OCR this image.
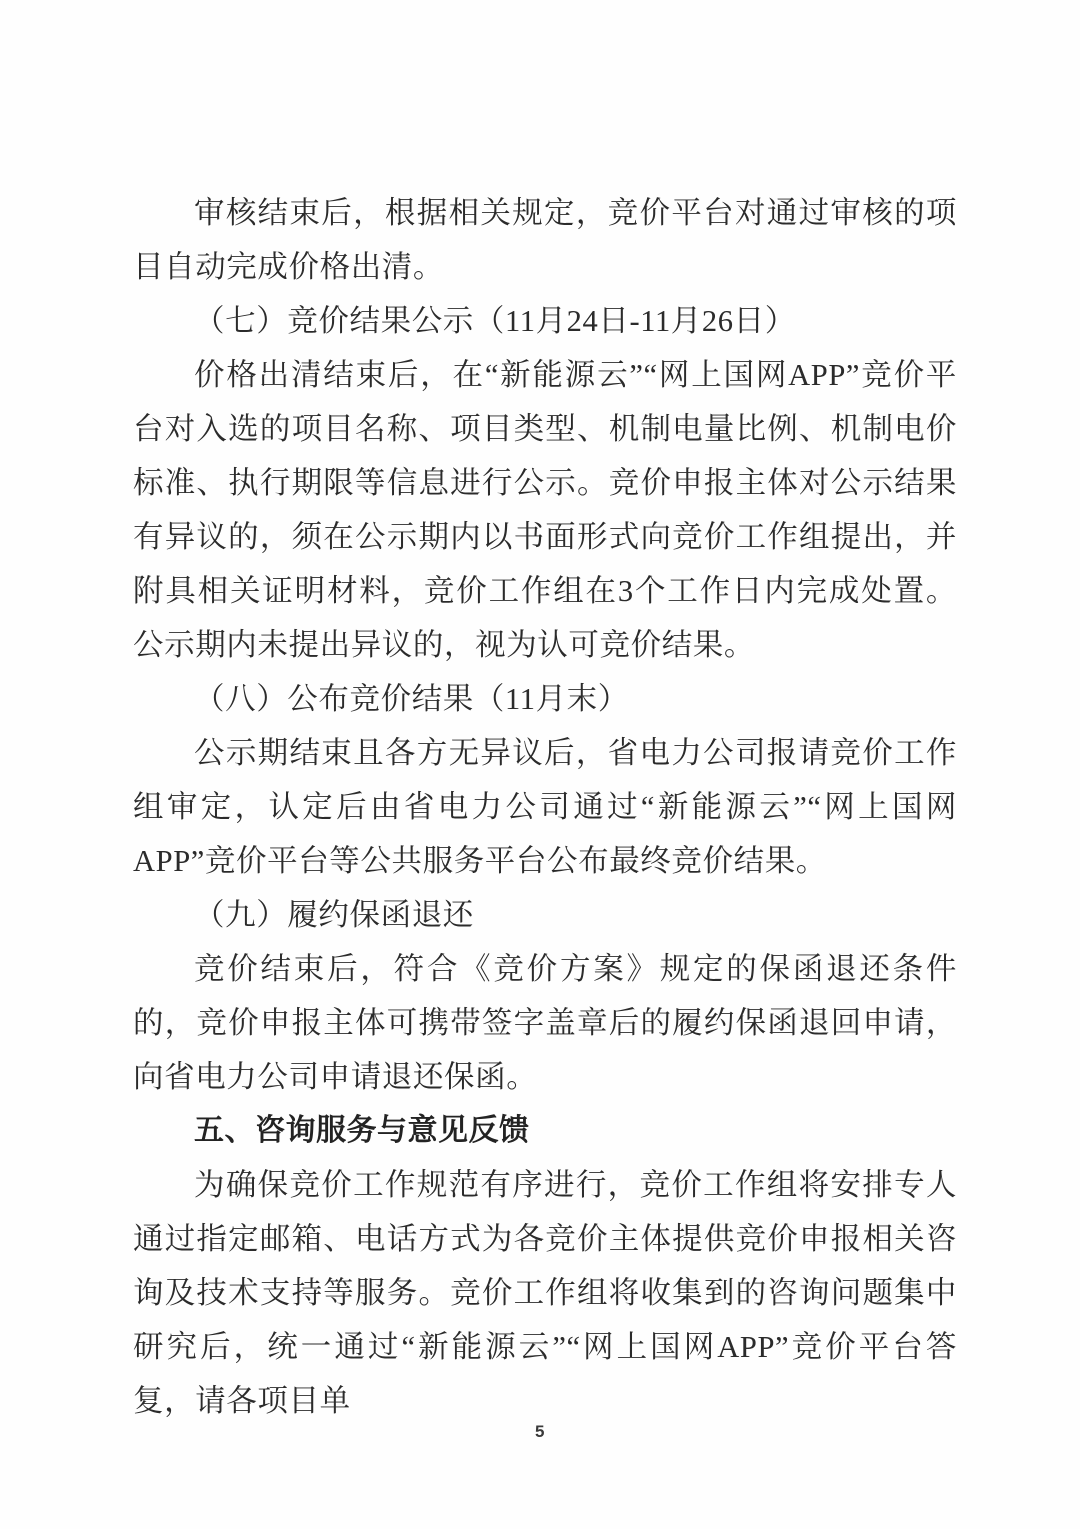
审核结束后，根据相关规定，竞价平台对通过审核的项目自动完成价格出清。

（七）竞价结果公示（11月24日-11月26日）

价格出清结束后，在“新能源云”“网上国网APP”竞价平台对入选的项目名称、项目类型、机制电量比例、机制电价标准、执行期限等信息进行公示。竞价申报主体对公示结果有异议的，须在公示期内以书面形式向竞价工作组提出，并附具相关证明材料，竞价工作组在3个工作日内完成处置。公示期内未提出异议的，视为认可竞价结果。

（八）公布竞价结果（11月末）

公示期结束且各方无异议后，省电力公司报请竞价工作组审定，认定后由省电力公司通过“新能源云”“网上国网APP”竞价平台等公共服务平台公布最终竞价结果。

（九）履约保函退还

竞价结束后，符合《竞价方案》规定的保函退还条件的，竞价申报主体可携带签字盖章后的履约保函退回申请，向省电力公司申请退还保函。

五、咨询服务与意见反馈

为确保竞价工作规范有序进行，竞价工作组将安排专人通过指定邮箱、电话方式为各竞价主体提供竞价申报相关咨询及技术支持等服务。竞价工作组将收集到的咨询问题集中研究后，统一通过“新能源云”“网上国网APP”竞价平台答复，请各项目单

5
